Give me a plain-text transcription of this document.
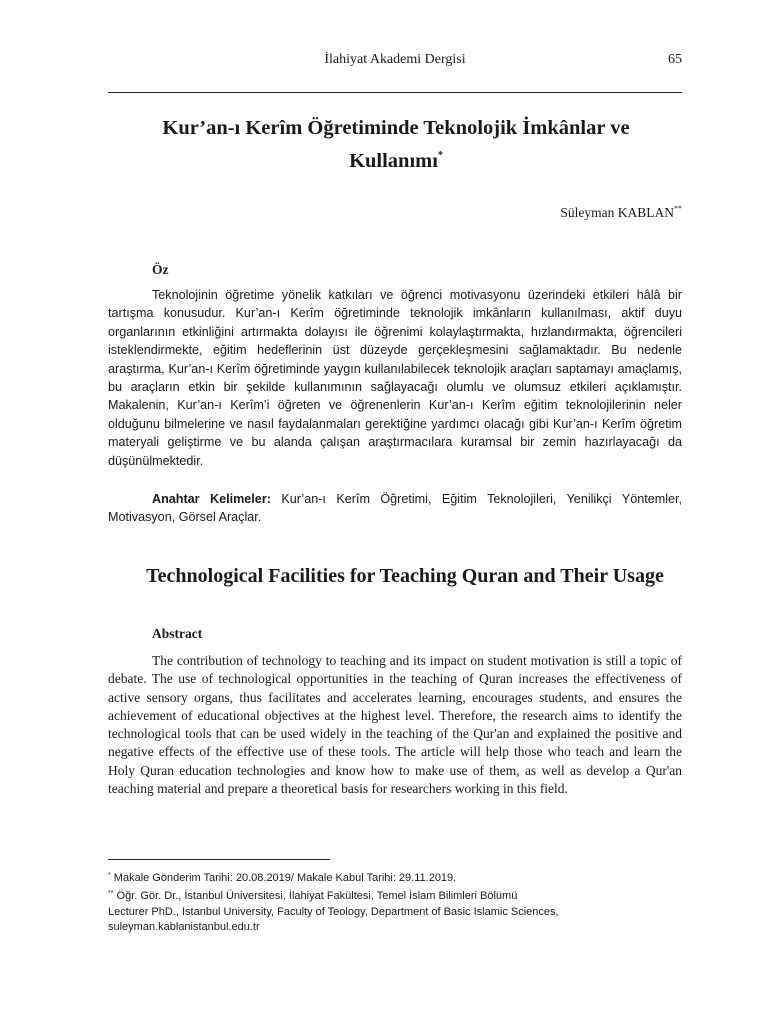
İlahiyat Akademi Dergisi	65
Kur’an-ı Kerîm Öğretiminde Teknolojik İmkânlar ve Kullanımı*
Süleyman KABLAN**
Öz
Teknolojinin öğretime yönelik katkıları ve öğrenci motivasyonu üzerindeki etkileri hâlâ bir tartışma konusudur. Kur’an-ı Kerîm öğretiminde teknolojik imkânların kullanılması, aktif duyu organlarının etkinliğini artırmakta dolayısı ile öğrenimi kolaylaştırmakta, hızlandırmakta, öğrencileri isteklendirmekte, eğitim hedeflerinin üst düzeyde gerçekleşmesini sağlamaktadır. Bu nedenle araştırma, Kur’an-ı Kerîm öğretiminde yaygın kullanılabilecek teknolojik araçları saptamayı amaçlamış, bu araçların etkin bir şekilde kullanımının sağlayacağı olumlu ve olumsuz etkileri açıklamıştır. Makalenin, Kur’an-ı Kerîm’i öğreten ve öğrenenlerin Kur’an-ı Kerîm eğitim teknolojilerinin neler olduğunu bilmelerine ve nasıl faydalanmaları gerektiğine yardımcı olacağı gibi Kur’an-ı Kerîm öğretim materyali geliştirme ve bu alanda çalışan araştırmacılara kuramsal bir zemin hazırlayacağı da düşünülmektedir.
Anahtar Kelimeler: Kur’an-ı Kerîm Öğretimi, Eğitim Teknolojileri, Yenilikçi Yöntemler, Motivasyon, Görsel Araçlar.
Technological Facilities for Teaching Quran and Their Usage
Abstract
The contribution of technology to teaching and its impact on student motivation is still a topic of debate. The use of technological opportunities in the teaching of Quran increases the effectiveness of active sensory organs, thus facilitates and accelerates learning, encourages students, and ensures the achievement of educational objectives at the highest level. Therefore, the research aims to identify the technological tools that can be used widely in the teaching of the Qur'an and explained the positive and negative effects of the effective use of these tools. The article will help those who teach and learn the Holy Quran education technologies and know how to make use of them, as well as develop a Qur'an teaching material and prepare a theoretical basis for researchers working in this field.

* Makale Gönderim Tarihi: 20.08.2019/ Makale Kabul Tarihi: 29.11.2019.

** Öğr. Gör. Dr., İstanbul Üniversitesi, İlahiyat Fakültesi, Temel İslam Bilimleri Bölümü

Lecturer PhD., Istanbul University, Faculty of Teology, Department of Basic Islamic Sciences,

suleyman.kablanistanbul.edu.tr
